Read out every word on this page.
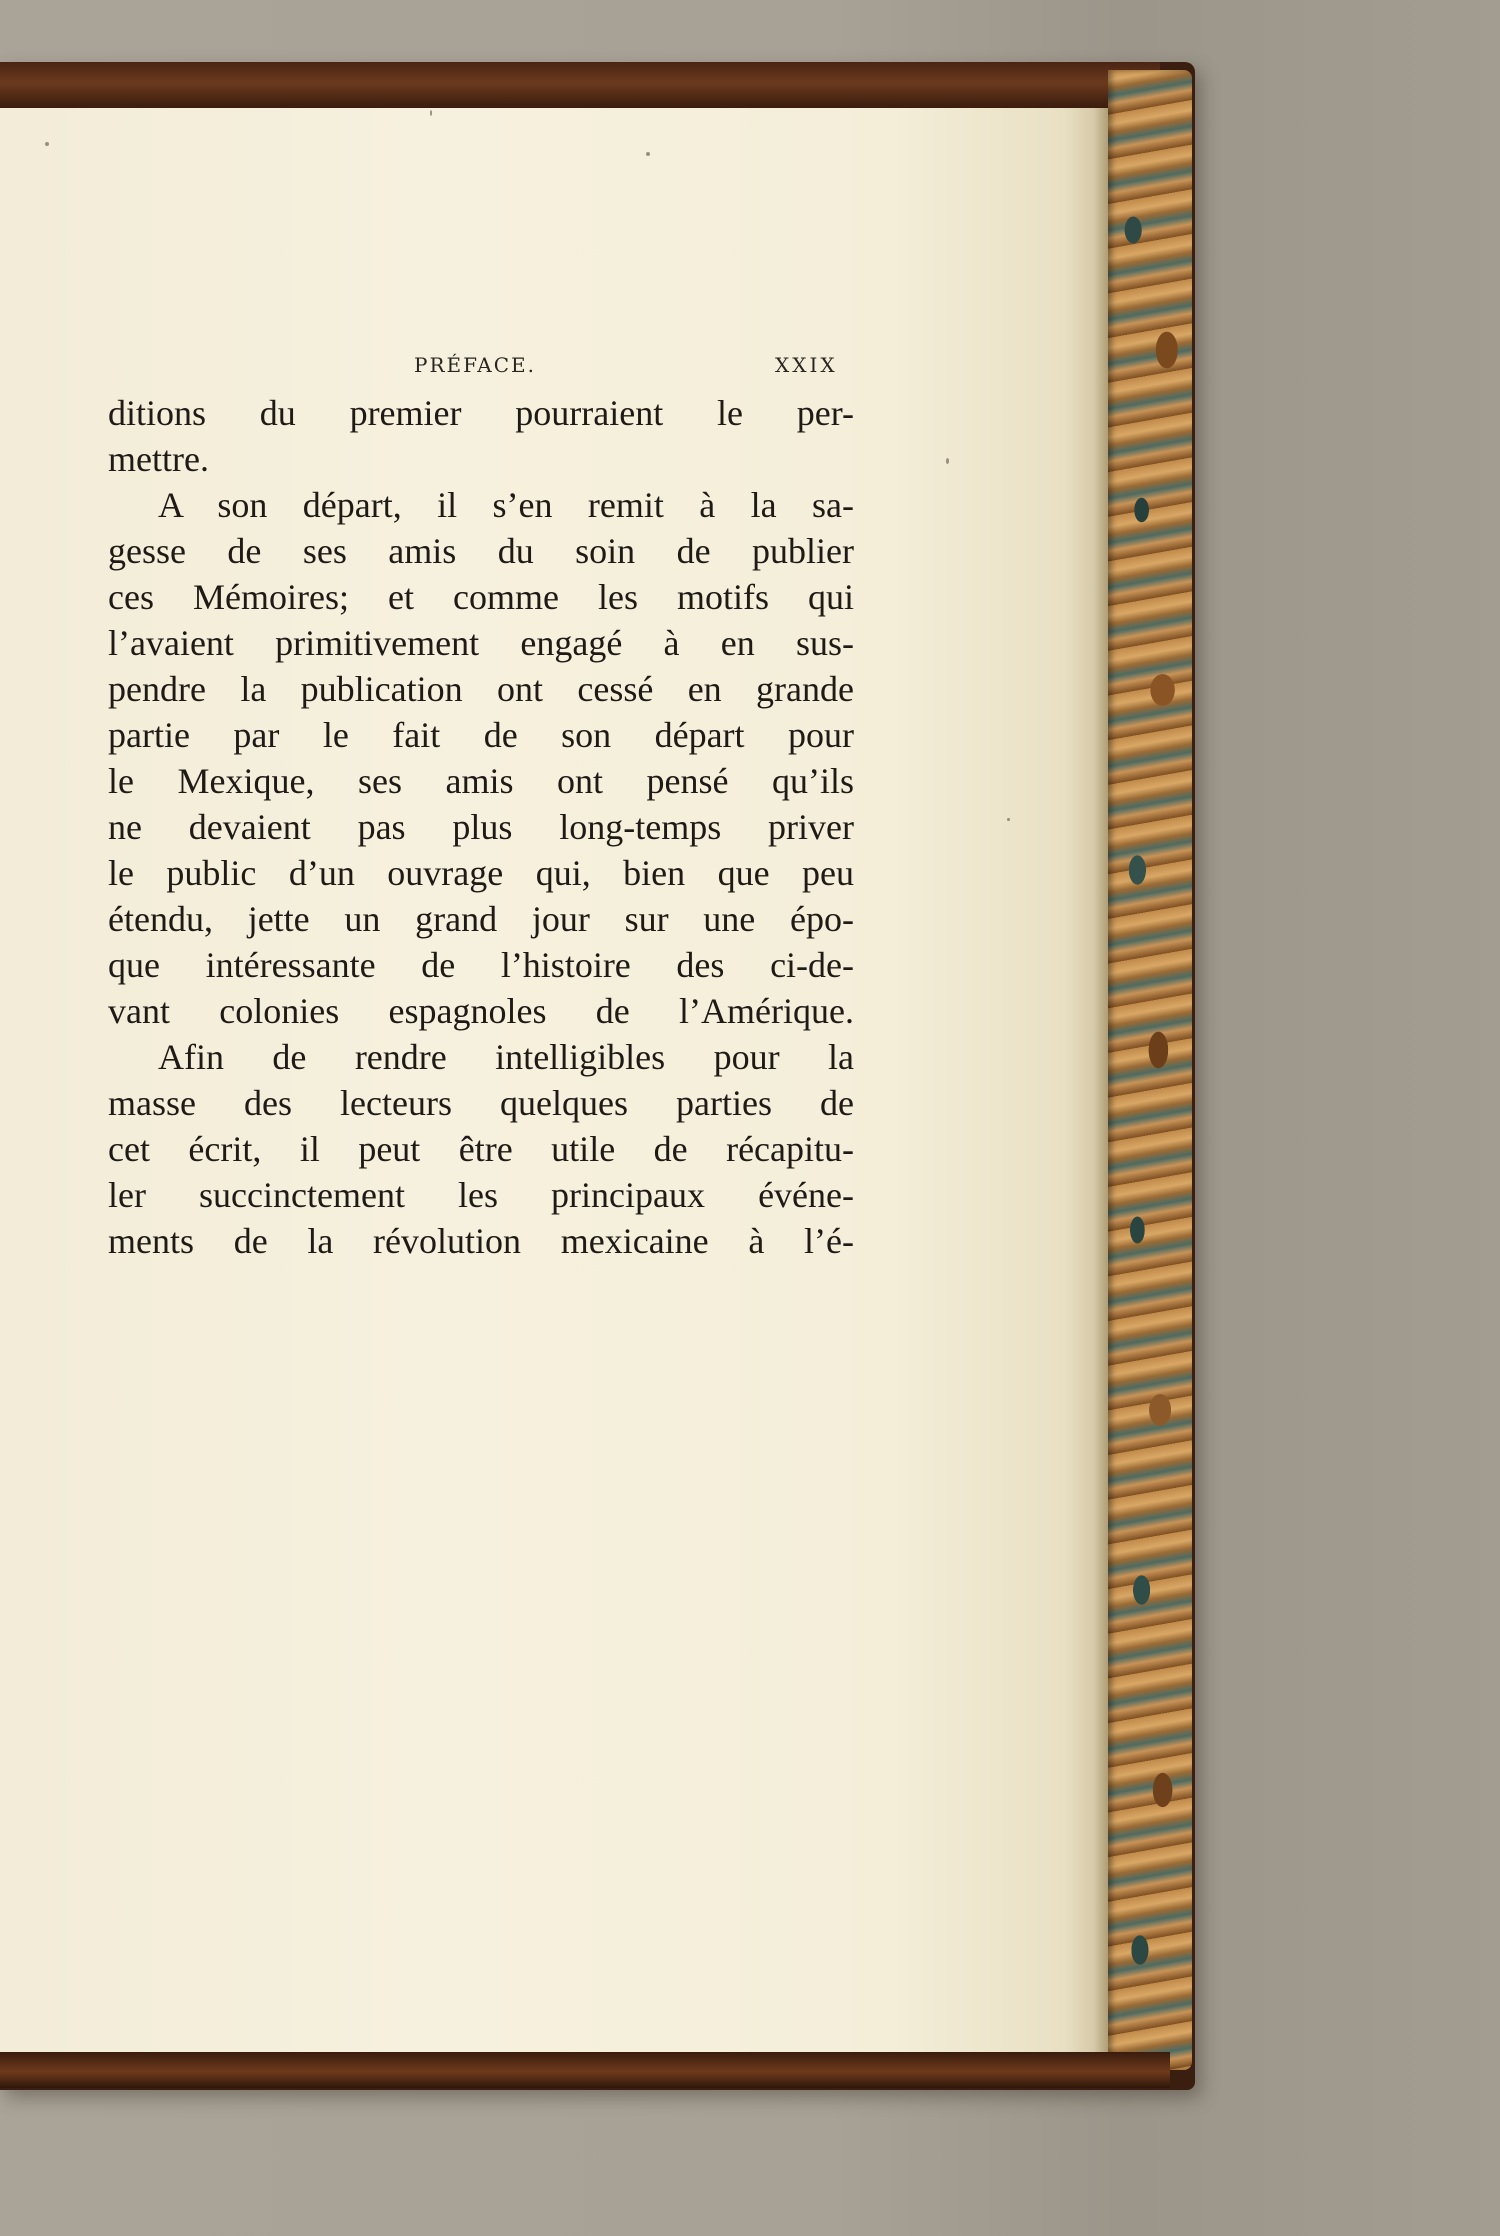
PRÉFACE.	XXIX
ditions du premier pourraient le per-
mettre.
A son départ, il s’en remit à la sa-
gesse de ses amis du soin de publier
ces Mémoires; et comme les motifs qui
l’avaient primitivement engagé à en sus-
pendre la publication ont cessé en grande
partie par le fait de son départ pour
le Mexique, ses amis ont pensé qu’ils
ne devaient pas plus long-temps priver
le public d’un ouvrage qui, bien que peu
étendu, jette un grand jour sur une épo-
que intéressante de l’histoire des ci-de-
vant colonies espagnoles de l’Amérique.
Afin de rendre intelligibles pour la
masse des lecteurs quelques parties de
cet écrit, il peut être utile de récapitu-
ler succinctement les principaux événe-
ments de la révolution mexicaine à l’é-
